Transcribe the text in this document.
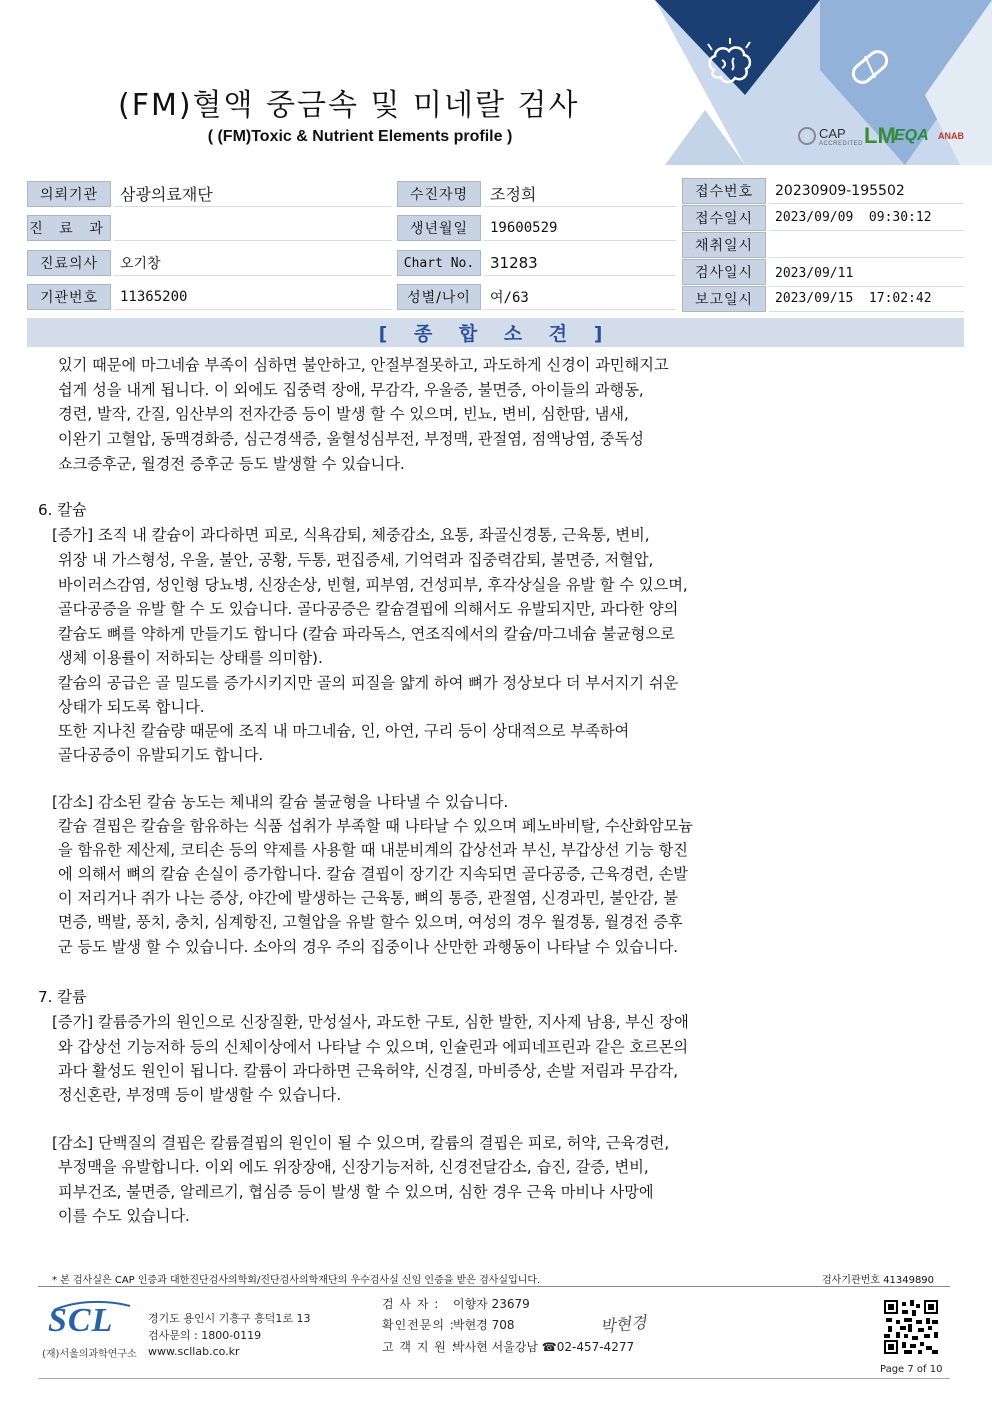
(FM)혈액 중금속 및 미네랄 검사
( (FM)Toxic & Nutrient Elements profile )	CAP
ACCREDITED LM
EQA ANAB
의뢰기관	삼광의료재단
진 료 과
진료의사	오기창
기관번호	11365200
수진자명	조정희
생년월일	19600529
Chart No.	31283
성별/나이	여/63
접수번호	20230909-195502
접수일시	2023/09/09  09:30:12
채취일시
검사일시	2023/09/11
보고일시	2023/09/15  17:02:42
[ 종 합 소 견 ]
있기 때문에 마그네슘 부족이 심하면 불안하고, 안절부절못하고, 과도하게 신경이 과민해지고
쉽게 성을 내게 됩니다. 이 외에도 집중력 장애, 무감각, 우울증, 불면증, 아이들의 과행동,
경련, 발작, 간질, 임산부의 전자간증 등이 발생 할 수 있으며, 빈뇨, 변비, 심한땀, 냄새,
이완기 고혈압, 동맥경화증, 심근경색증, 울혈성심부전, 부정맥, 관절염, 점액낭염, 중독성
쇼크증후군, 월경전 증후군 등도 발생할 수 있습니다.
6. 칼슘
[증가] 조직 내 칼슘이 과다하면 피로, 식욕감퇴, 체중감소, 요통, 좌골신경통, 근육통, 변비,
위장 내 가스형성, 우울, 불안, 공황, 두통, 편집증세, 기억력과 집중력감퇴, 불면증, 저혈압,
바이러스감염, 성인형 당뇨병, 신장손상, 빈혈, 피부염, 건성피부, 후각상실을 유발 할 수 있으며,
골다공증을 유발 할 수 도 있습니다. 골다공증은 칼슘결핍에 의해서도 유발되지만, 과다한 양의
칼슘도 뼈를 약하게 만들기도 합니다 (칼슘 파라독스, 연조직에서의 칼슘/마그네슘 불균형으로
생체 이용률이 저하되는 상태를 의미함).
칼슘의 공급은 골 밀도를 증가시키지만 골의 피질을 얇게 하여 뼈가 정상보다 더 부서지기 쉬운
상태가 되도록 합니다.
또한 지나친 칼슘량 때문에 조직 내 마그네슘, 인, 아연, 구리 등이 상대적으로 부족하여
골다공증이 유발되기도 합니다.
[감소] 감소된 칼슘 농도는 체내의 칼슘 불균형을 나타낼 수 있습니다.
칼슘 결핍은 칼슘을 함유하는 식품 섭취가 부족할 때 나타날 수 있으며 페노바비탈, 수산화암모늄
을 함유한 제산제, 코티손 등의 약제를 사용할 때 내분비계의 갑상선과 부신, 부갑상선 기능 항진
에 의해서 뼈의 칼슘 손실이 증가합니다. 칼슘 결핍이 장기간 지속되면 골다공증, 근육경련, 손발
이 저리거나 쥐가 나는 증상, 야간에 발생하는 근육통, 뼈의 통증, 관절염, 신경과민, 불안감, 불
면증, 백발, 풍치, 충치, 심계항진, 고혈압을 유발 할수 있으며, 여성의 경우 월경통, 월경전 증후
군 등도 발생 할 수 있습니다. 소아의 경우 주의 집중이나 산만한 과행동이 나타날 수 있습니다.
7. 칼륨
[증가] 칼륨증가의 원인으로 신장질환, 만성설사, 과도한 구토, 심한 발한, 지사제 남용, 부신 장애
와 갑상선 기능저하 등의 신체이상에서 나타날 수 있으며, 인슐린과 에피네프린과 같은 호르몬의
과다 활성도 원인이 됩니다. 칼륨이 과다하면 근육허약, 신경질, 마비증상, 손발 저림과 무감각,
정신혼란, 부정맥 등이 발생할 수 있습니다.
[감소] 단백질의 결핍은 칼륨결핍의 원인이 될 수 있으며, 칼륨의 결핍은 피로, 허약, 근육경련,
부정맥을 유발합니다. 이외 에도 위장장애, 신장기능저하, 신경전달감소, 습진, 갈증, 변비,
피부건조, 불면증, 알레르기, 협심증 등이 발생 할 수 있으며, 심한 경우 근육 마비나 사망에
이를 수도 있습니다.
* 본 검사실은 CAP 인증과 대한진단검사의학회/진단검사의학재단의 우수검사실 신임 인증을 받은 검사실입니다.	검사기관번호 41349890
SCL
(재)서울의과학연구소
경기도 용인시 기흥구 흥덕1로 13
검사문의 : 1800-0119
www.scllab.co.kr
검 사 자 : 이향자 23679
확인전문의 :
박현경 708
고 객 지 원 :
박사현 서울강남 ☎02-457-4277
박현경
Page 7 of 10
